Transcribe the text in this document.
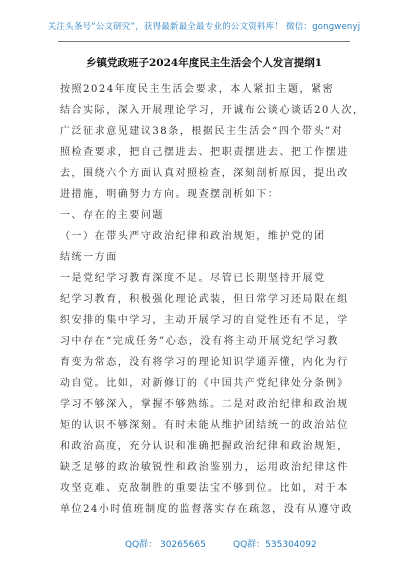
关注头条号“公文研究”，获得最新最全最专业的公文资料库！ 微信：gongwenyj
乡镇党政班子2024年度民主生活会个人发言提纲1
按照2024年度民主生活会要求，本人紧扣主题，紧密
结合实际，深入开展理论学习，开诚布公谈心谈话20人次，
广泛征求意见建议38条，根据民主生活会“四个带头”对
照检查要求，把自己摆进去、把职责摆进去、把工作摆进
去，围绕六个方面认真对照检查，深刻剖析原因，提出改
进措施，明确努力方向。现查摆剖析如下：
一、存在的主要问题
（一）在带头严守政治纪律和政治规矩，维护党的团
结统一方面
一是党纪学习教育深度不足。尽管已长期坚持开展党
纪学习教育，积极强化理论武装，但日常学习还局限在组
织安排的集中学习，主动开展学习的自觉性还有不足，学
习中存在“完成任务”心态，没有将主动开展党纪学习教
育变为常态，没有将学习的理论知识学通弄懂，内化为行
动自觉。比如，对新修订的《中国共产党纪律处分条例》
学习不够深入，掌握不够熟练。二是对政治纪律和政治规
矩的认识不够深刻。有时未能从维护团结统一的政治站位
和政治高度，充分认识和准确把握政治纪律和政治规矩，
缺乏足够的政治敏锐性和政治鉴别力，运用政治纪律这件
攻坚克难、克敌制胜的重要法宝不够到位。比如，对于本
单位24小时值班制度的监督落实存在疏忽，没有从遵守政
QQ群： 30265665	QQ群：535304092
